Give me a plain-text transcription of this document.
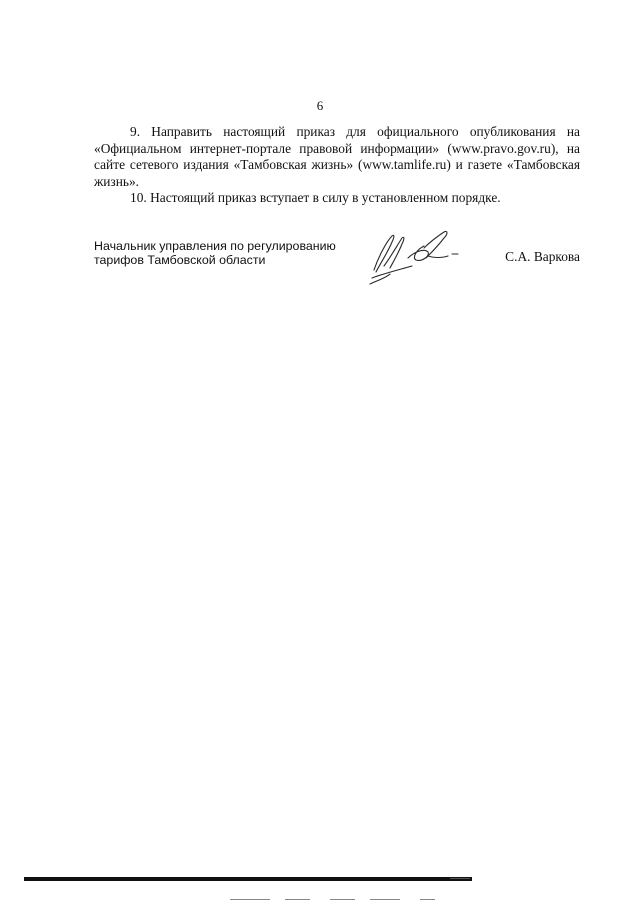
6

9. Направить настоящий приказ для официального опубликования на «Официальном интернет-портале правовой информации» (www.pravo.gov.ru), на сайте сетевого издания «Тамбовская жизнь» (www.tamlife.ru) и газете «Тамбовская жизнь».

10. Настоящий приказ вступает в силу в установленном порядке.

Начальник управления по регулированию
тарифов Тамбовской области	С.А. Варкова
